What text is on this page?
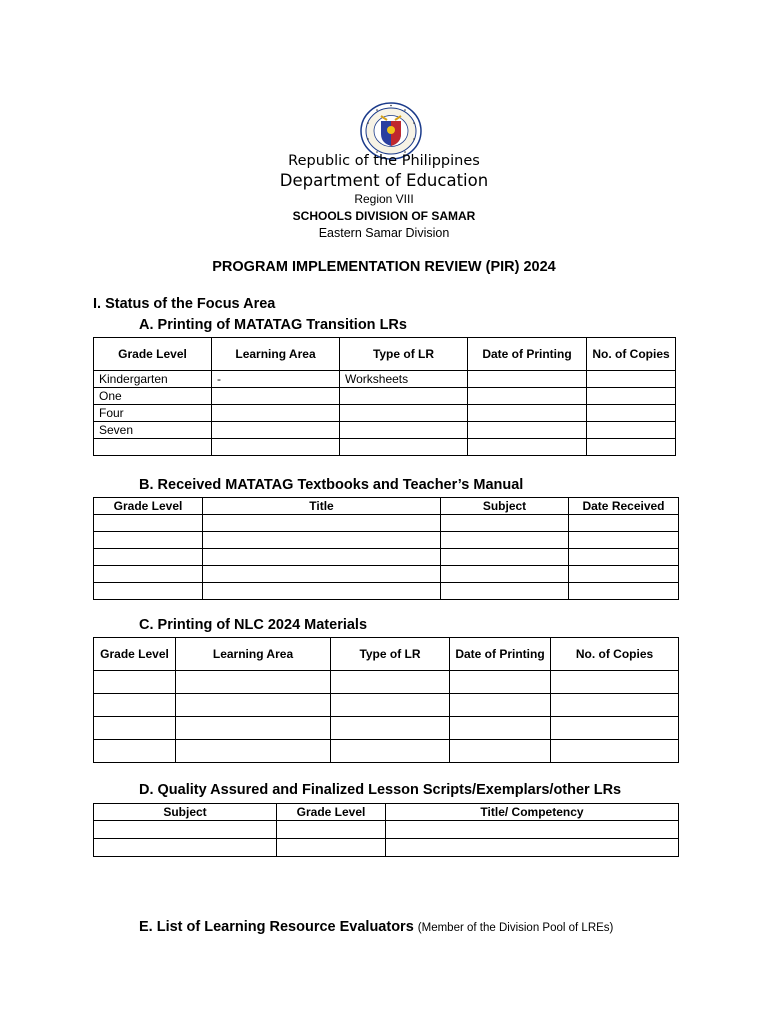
Republic of the Philippines
Department of Education
Region VIII
SCHOOLS DIVISION OF SAMAR
Eastern Samar Division
PROGRAM IMPLEMENTATION REVIEW (PIR) 2024
I. Status of the Focus Area
A. Printing of MATATAG Transition LRs
Grade Level	Learning Area	Type of LR	Date of Printing	No. of Copies
Kindergarten	-	Worksheets		
One				
Four				
Seven				

B. Received MATATAG Textbooks and Teacher’s Manual
Grade Level	Title	Subject	Date Received

C. Printing of NLC 2024 Materials
Grade Level	Learning Area	Type of LR	Date of Printing	No. of Copies

D. Quality Assured and Finalized Lesson Scripts/Exemplars/other LRs
Subject	Grade Level	Title/ Competency

E. List of Learning Resource Evaluators (Member of the Division Pool of LREs)
